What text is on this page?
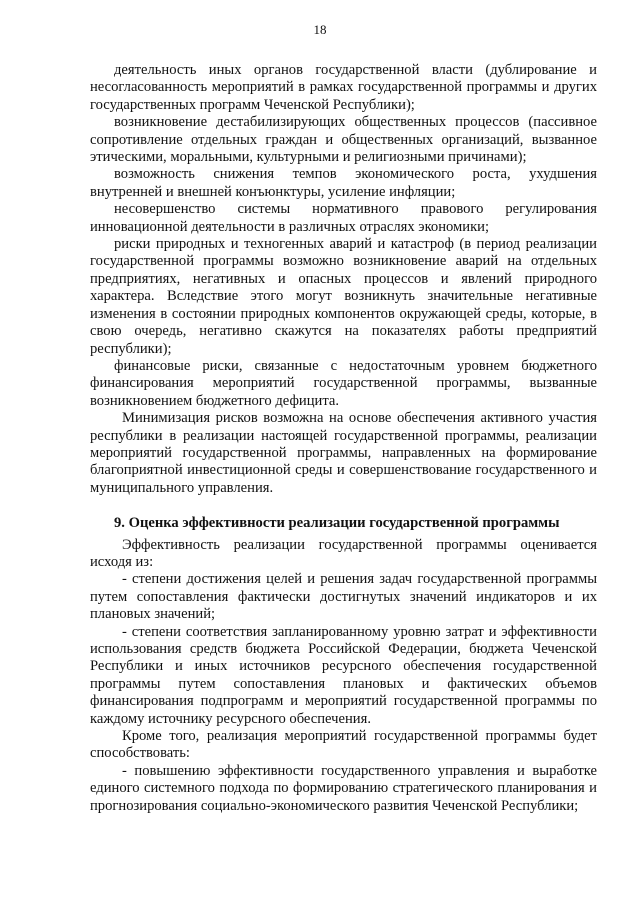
18

деятельность иных органов государственной власти (дублирование и несогласованность мероприятий в рамках государственной программы и других государственных программ Чеченской Республики);

возникновение дестабилизирующих общественных процессов (пассивное сопротивление отдельных граждан и общественных организаций, вызванное этическими, моральными, культурными и религиозными причинами);

возможность снижения темпов экономического роста, ухудшения внутренней и внешней конъюнктуры, усиление инфляции;

несовершенство системы нормативного правового регулирования инновационной деятельности в различных отраслях экономики;

риски природных и техногенных аварий и катастроф (в период реализации государственной программы возможно возникновение аварий на отдельных предприятиях, негативных и опасных процессов и явлений природного характера. Вследствие этого могут возникнуть значительные негативные изменения в состоянии природных компонентов окружающей среды, которые, в свою очередь, негативно скажутся на показателях работы предприятий республики);

финансовые риски, связанные с недостаточным уровнем бюджетного финансирования мероприятий государственной программы, вызванные возникновением бюджетного дефицита.

Минимизация рисков возможна на основе обеспечения активного участия республики в реализации настоящей государственной программы, реализации мероприятий государственной программы, направленных на формирование благоприятной инвестиционной среды и совершенствование государственного и муниципального управления.

9. Оценка эффективности реализации государственной программы

Эффективность реализации государственной программы оценивается исходя из:

- степени достижения целей и решения задач государственной программы путем сопоставления фактически достигнутых значений индикаторов и их плановых значений;

- степени соответствия запланированному уровню затрат и эффективности использования средств бюджета Российской Федерации, бюджета Чеченской Республики и иных источников ресурсного обеспечения государственной программы путем сопоставления плановых и фактических объемов финансирования подпрограмм и мероприятий государственной программы по каждому источнику ресурсного обеспечения.

Кроме того, реализация мероприятий государственной программы будет способствовать:

- повышению эффективности государственного управления и выработке единого системного подхода по формированию стратегического планирования и прогнозирования социально-экономического развития Чеченской Республики;
